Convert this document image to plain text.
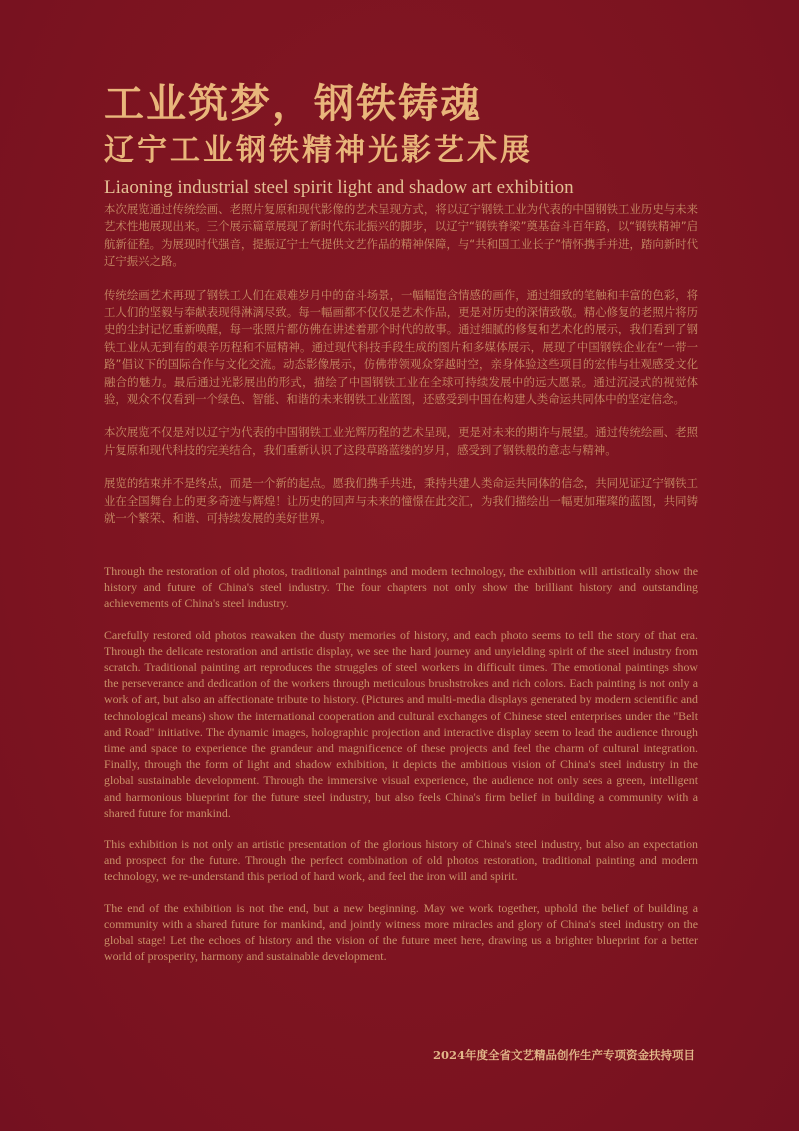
工业筑梦，钢铁铸魂
辽宁工业钢铁精神光影艺术展
Liaoning industrial steel spirit light and shadow art exhibition

本次展览通过传统绘画、老照片复原和现代影像的艺术呈现方式，将以辽宁钢铁工业为代表的中国钢铁工业历史与未来艺术性地展现出来。三个展示篇章展现了新时代东北振兴的脚步，以辽宁“钢铁脊梁”奠基奋斗百年路，以“钢铁精神”启航新征程。为展现时代强音，提振辽宁士气提供文艺作品的精神保障，与“共和国工业长子”情怀携手并进，踏向新时代辽宁振兴之路。

传统绘画艺术再现了钢铁工人们在艰难岁月中的奋斗场景，一幅幅饱含情感的画作，通过细致的笔触和丰富的色彩，将工人们的坚毅与奉献表现得淋漓尽致。每一幅画都不仅仅是艺术作品，更是对历史的深情致敬。精心修复的老照片将历史的尘封记忆重新唤醒，每一张照片都仿佛在讲述着那个时代的故事。通过细腻的修复和艺术化的展示，我们看到了钢铁工业从无到有的艰辛历程和不屈精神。通过现代科技手段生成的图片和多媒体展示，展现了中国钢铁企业在“一带一路”倡议下的国际合作与文化交流。动态影像展示，仿佛带领观众穿越时空，亲身体验这些项目的宏伟与壮观感受文化融合的魅力。最后通过光影展出的形式，描绘了中国钢铁工业在全球可持续发展中的远大愿景。通过沉浸式的视觉体验，观众不仅看到一个绿色、智能、和谐的未来钢铁工业蓝图，还感受到中国在构建人类命运共同体中的坚定信念。

本次展览不仅是对以辽宁为代表的中国钢铁工业光辉历程的艺术呈现，更是对未来的期许与展望。通过传统绘画、老照片复原和现代科技的完美结合，我们重新认识了这段草路蓝缕的岁月，感受到了钢铁般的意志与精神。

展览的结束并不是终点，而是一个新的起点。愿我们携手共进，秉持共建人类命运共同体的信念，共同见证辽宁钢铁工业在全国舞台上的更多奇迹与辉煌！让历史的回声与未来的憧憬在此交汇，为我们描绘出一幅更加璀璨的蓝图，共同铸就一个繁荣、和谐、可持续发展的美好世界。

Through the restoration of old photos, traditional paintings and modern technology, the exhibition will artistically show the history and future of China's steel industry. The four chapters not only show the brilliant history and outstanding achievements of China's steel industry.

Carefully restored old photos reawaken the dusty memories of history, and each photo seems to tell the story of that era. Through the delicate restoration and artistic display, we see the hard journey and unyielding spirit of the steel industry from scratch. Traditional painting art reproduces the struggles of steel workers in difficult times. The emotional paintings show the perseverance and dedication of the workers through meticulous brushstrokes and rich colors. Each painting is not only a work of art, but also an affectionate tribute to history. (Pictures and multi-media displays generated by modern scientific and technological means) show the international cooperation and cultural exchanges of Chinese steel enterprises under the "Belt and Road" initiative. The dynamic images, holographic projection and interactive display seem to lead the audience through time and space to experience the grandeur and magnificence of these projects and feel the charm of cultural integration. Finally, through the form of light and shadow exhibition, it depicts the ambitious vision of China's steel industry in the global sustainable development. Through the immersive visual experience, the audience not only sees a green, intelligent and harmonious blueprint for the future steel industry, but also feels China's firm belief in building a community with a shared future for mankind.

This exhibition is not only an artistic presentation of the glorious history of China's steel industry, but also an expectation and prospect for the future. Through the perfect combination of old photos restoration, traditional painting and modern technology, we re-understand this period of hard work, and feel the iron will and spirit.

The end of the exhibition is not the end, but a new beginning. May we work together, uphold the belief of building a community with a shared future for mankind, and jointly witness more miracles and glory of China's steel industry on the global stage! Let the echoes of history and the vision of the future meet here, drawing us a brighter blueprint for a better world of prosperity, harmony and sustainable development.

2024年度全省文艺精品创作生产专项资金扶持项目
